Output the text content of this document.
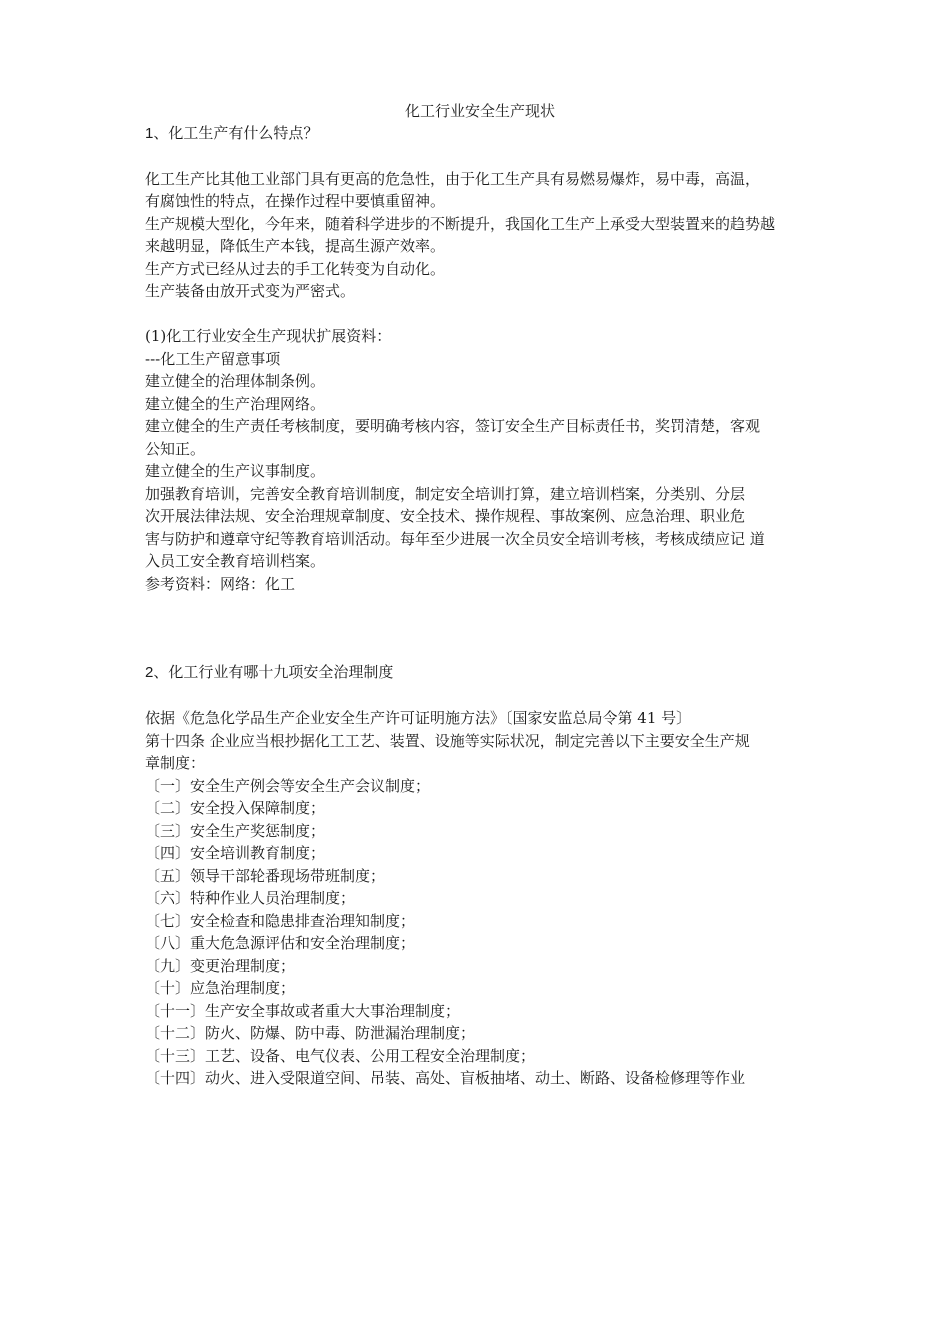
化工行业安全生产现状

1、化工生产有什么特点？

化工生产比其他工业部门具有更高的危急性，由于化工生产具有易燃易爆炸，易中毒，高温，

有腐蚀性的特点，在操作过程中要慎重留神。

生产规模大型化，今年来，随着科学进步的不断提升，我国化工生产上承受大型装置来的趋势越

来越明显，降低生产本钱，提高生源产效率。

生产方式已经从过去的手工化转变为自动化。

生产装备由放开式变为严密式。

(1)化工行业安全生产现状扩展资料：

---化工生产留意事项

建立健全的治理体制条例。

建立健全的生产治理网络。

建立健全的生产责任考核制度，要明确考核内容，签订安全生产目标责任书，奖罚清楚，客观

公知正。

建立健全的生产议事制度。

加强教育培训，完善安全教育培训制度，制定安全培训打算，建立培训档案，分类别、分层

次开展法律法规、安全治理规章制度、安全技术、操作规程、事故案例、应急治理、职业危

害与防护和遵章守纪等教育培训活动。每年至少进展一次全员安全培训考核，考核成绩应记 道

入员工安全教育培训档案。

参考资料：网络：化工

2、化工行业有哪十九项安全治理制度

依据《危急化学品生产企业安全生产许可证明施方法》〔国家安监总局令第 41 号〕

第十四条 企业应当根抄据化工工艺、装置、设施等实际状况，制定完善以下主要安全生产规

章制度：

〔一〕安全生产例会等安全生产会议制度；
〔二〕安全投入保障制度；
〔三〕安全生产奖惩制度；
〔四〕安全培训教育制度；
〔五〕领导干部轮番现场带班制度；
〔六〕特种作业人员治理制度；
〔七〕安全检查和隐患排查治理知制度；
〔八〕重大危急源评估和安全治理制度；
〔九〕变更治理制度；
〔十〕应急治理制度；
〔十一〕生产安全事故或者重大大事治理制度；
〔十二〕防火、防爆、防中毒、防泄漏治理制度；
〔十三〕工艺、设备、电气仪表、公用工程安全治理制度；
〔十四〕动火、进入受限道空间、吊装、高处、盲板抽堵、动土、断路、设备检修理等作业
